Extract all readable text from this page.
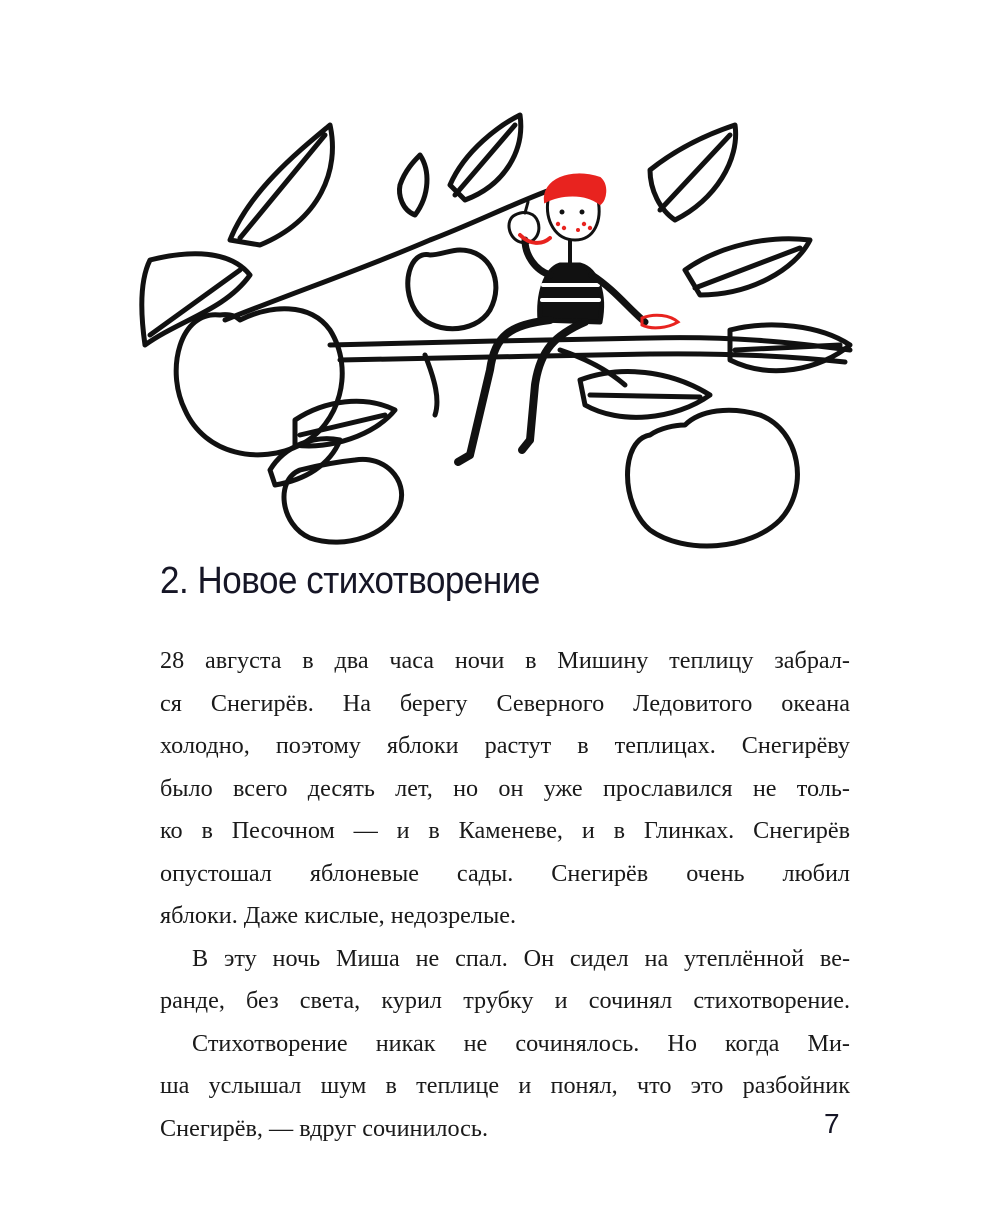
2. Новое стихотворение

28 августа в два часа ночи в Мишину теплицу забрал-
ся Снегирёв. На берегу Северного Ледовитого океана
холодно, поэтому яблоки растут в теплицах. Снегирёву
было всего десять лет, но он уже прославился не толь-
ко в Песочном — и в Каменеве, и в Глинках. Снегирёв
опустошал яблоневые сады. Снегирёв очень любил
яблоки. Даже кислые, недозрелые.

В эту ночь Миша не спал. Он сидел на утеплённой ве-
ранде, без света, курил трубку и сочинял стихотворение.

Стихотворение никак не сочинялось. Но когда Ми-
ша услышал шум в теплице и понял, что это разбойник
Снегирёв, — вдруг сочинилось.	7
